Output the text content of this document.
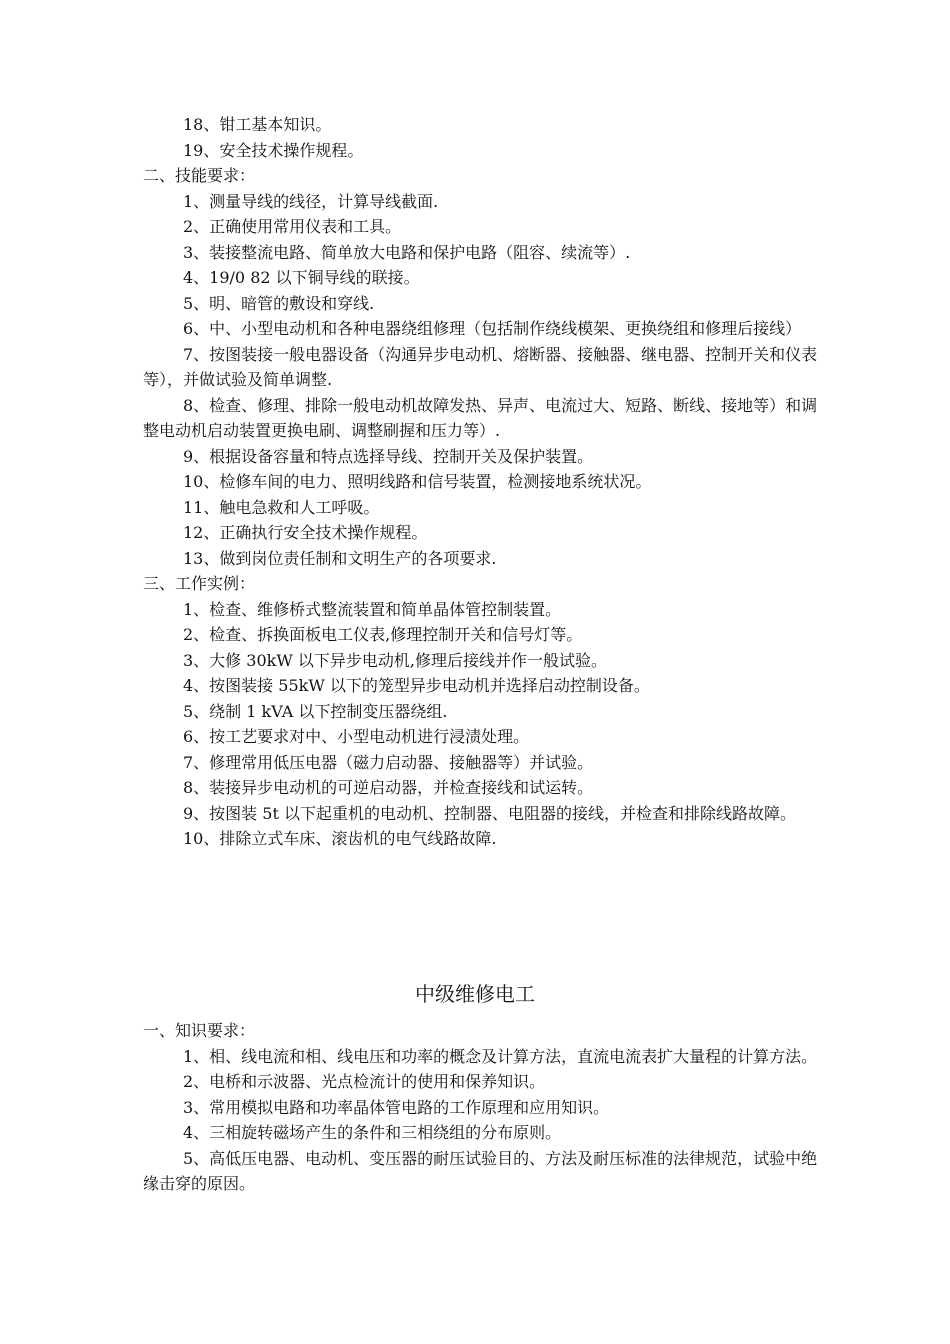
18、钳工基本知识。

19、安全技术操作规程。

二、技能要求：

1、测量导线的线径，计算导线截面.

2、正确使用常用仪表和工具。

3、装接整流电路、简单放大电路和保护电路（阻容、续流等）.

4、19/0 82 以下铜导线的联接。

5、明、暗管的敷设和穿线.

6、中、小型电动机和各种电器绕组修理（包括制作绕线模架、更换绕组和修理后接线）

7、按图装接一般电器设备（沟通异步电动机、熔断器、接触器、继电器、控制开关和仪表等），并做试验及简单调整.

8、检查、修理、排除一般电动机故障发热、异声、电流过大、短路、断线、接地等）和调整电动机启动装置更换电刷、调整刷握和压力等）.

9、根据设备容量和特点选择导线、控制开关及保护装置。

10、检修车间的电力、照明线路和信号装置，检测接地系统状况。

11、触电急救和人工呼吸。

12、正确执行安全技术操作规程。

13、做到岗位责任制和文明生产的各项要求.

三、工作实例：

1、检查、维修桥式整流装置和简单晶体管控制装置。

2、检查、拆换面板电工仪表,修理控制开关和信号灯等。

3、大修 30kW 以下异步电动机,修理后接线并作一般试验。

4、按图装接 55kW 以下的笼型异步电动机并选择启动控制设备。

5、绕制 1 kVA 以下控制变压器绕组.

6、按工艺要求对中、小型电动机进行浸渍处理。

7、修理常用低压电器（磁力启动器、接触器等）并试验。

8、装接异步电动机的可逆启动器，并检查接线和试运转。

9、按图装 5t 以下起重机的电动机、控制器、电阻器的接线，并检查和排除线路故障。

10、排除立式车床、滚齿机的电气线路故障.

中级维修电工

一、知识要求：

1、相、线电流和相、线电压和功率的概念及计算方法，直流电流表扩大量程的计算方法。

2、电桥和示波器、光点检流计的使用和保养知识。

3、常用模拟电路和功率晶体管电路的工作原理和应用知识。

4、三相旋转磁场产生的条件和三相绕组的分布原则。

5、高低压电器、电动机、变压器的耐压试验目的、方法及耐压标准的法律规范，试验中绝缘击穿的原因。
